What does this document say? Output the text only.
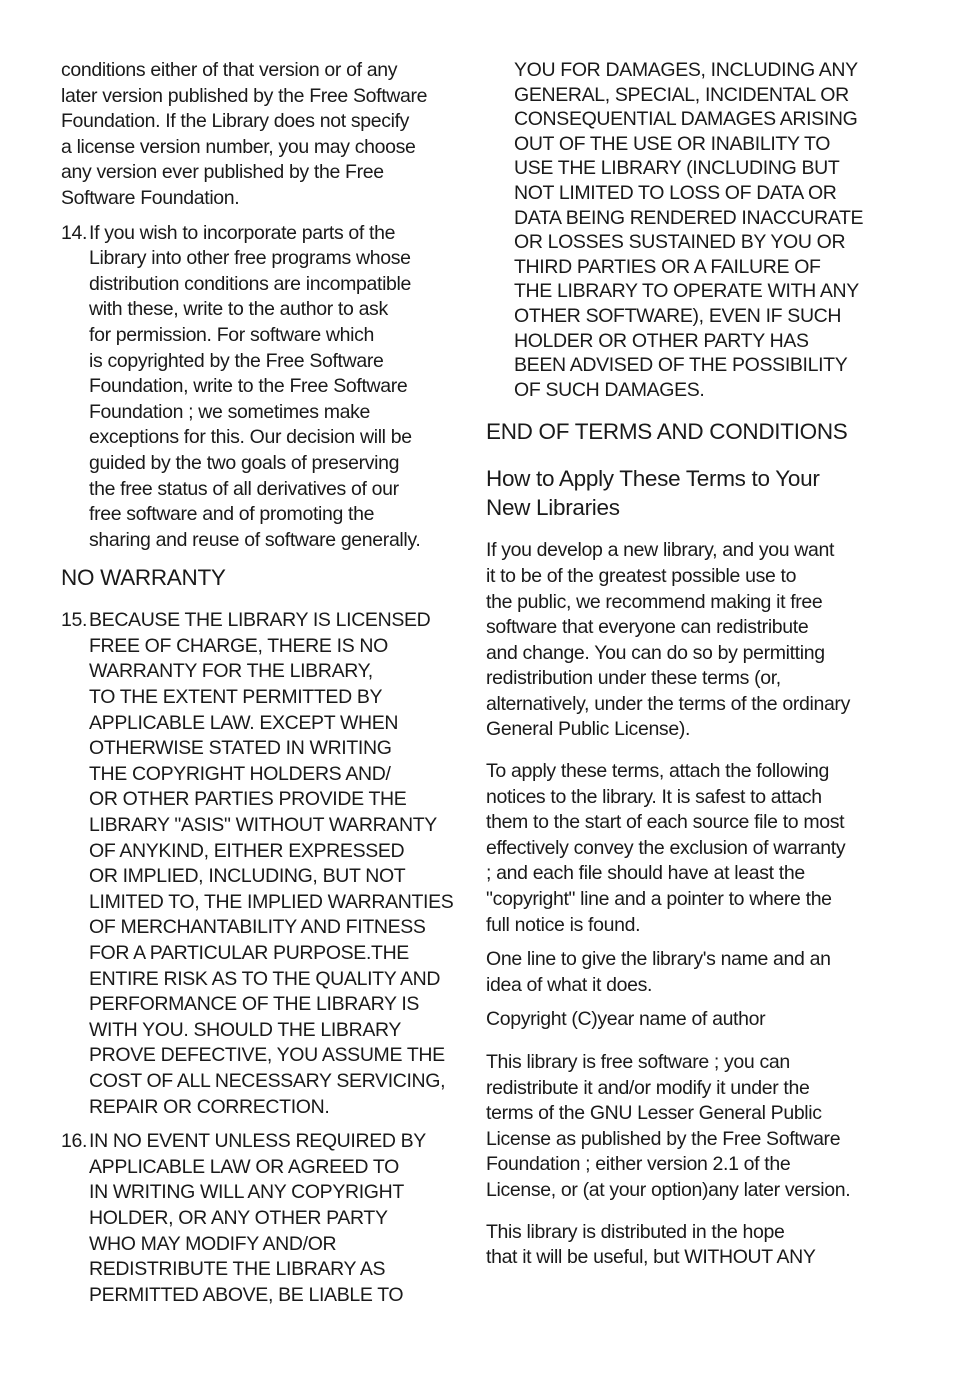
conditions either of that version or of any
later version published by the Free Software
Foundation. If the Library does not specify
a license version number, you may choose
any version ever published by the Free
Software Foundation.
14. If you wish to incorporate parts of the
Library into other free programs whose
distribution conditions are incompatible
with these, write to the author to ask
for permission. For software which
is copyrighted by the Free Software
Foundation, write to the Free Software
Foundation ; we sometimes make
exceptions for this. Our decision will be
guided by the two goals of preserving
the free status of all derivatives of our
free software and of promoting the
sharing and reuse of software generally.
NO WARRANTY
15. BECAUSE THE LIBRARY IS LICENSED
FREE OF CHARGE, THERE IS NO
WARRANTY FOR THE LIBRARY,
TO THE EXTENT PERMITTED BY
APPLICABLE LAW. EXCEPT WHEN
OTHERWISE STATED IN WRITING
THE COPYRIGHT HOLDERS AND/
OR OTHER PARTIES PROVIDE THE
LIBRARY "ASIS" WITHOUT WARRANTY
OF ANYKIND, EITHER EXPRESSED
OR IMPLIED, INCLUDING, BUT NOT
LIMITED TO, THE IMPLIED WARRANTIES
OF MERCHANTABILITY AND FITNESS
FOR A PARTICULAR PURPOSE.THE
ENTIRE RISK AS TO THE QUALITY AND
PERFORMANCE OF THE LIBRARY IS
WITH YOU. SHOULD THE LIBRARY
PROVE DEFECTIVE, YOU ASSUME THE
COST OF ALL NECESSARY SERVICING,
REPAIR OR CORRECTION.
16. IN NO EVENT UNLESS REQUIRED BY
APPLICABLE LAW OR AGREED TO
IN WRITING WILL ANY COPYRIGHT
HOLDER, OR ANY OTHER PARTY
WHO MAY MODIFY AND/OR
REDISTRIBUTE THE LIBRARY AS
PERMITTED ABOVE, BE LIABLE TO
YOU FOR DAMAGES, INCLUDING ANY
GENERAL, SPECIAL, INCIDENTAL OR
CONSEQUENTIAL DAMAGES ARISING
OUT OF THE USE OR INABILITY TO
USE THE LIBRARY (INCLUDING BUT
NOT LIMITED TO LOSS OF DATA OR
DATA BEING RENDERED INACCURATE
OR LOSSES SUSTAINED BY YOU OR
THIRD PARTIES OR A FAILURE OF
THE LIBRARY TO OPERATE WITH ANY
OTHER SOFTWARE), EVEN IF SUCH
HOLDER OR OTHER PARTY HAS
BEEN ADVISED OF THE POSSIBILITY
OF SUCH DAMAGES.
END OF TERMS AND CONDITIONS
How to Apply These Terms to Your
New Libraries
If you develop a new library, and you want
it to be of the greatest possible use to
the public, we recommend making it free
software that everyone can redistribute
and change. You can do so by permitting
redistribution under these terms (or,
alternatively, under the terms of the ordinary
General Public License).
To apply these terms, attach the following
notices to the library. It is safest to attach
them to the start of each source file to most
effectively convey the exclusion of warranty
; and each file should have at least the
"copyright" line and a pointer to where the
full notice is found.
One line to give the library's name and an
idea of what it does.
Copyright (C)year name of author
This library is free software ; you can
redistribute it and/or modify it under the
terms of the GNU Lesser General Public
License as published by the Free Software
Foundation ; either version 2.1 of the
License, or (at your option)any later version.
This library is distributed in the hope
that it will be useful, but WITHOUT ANY
